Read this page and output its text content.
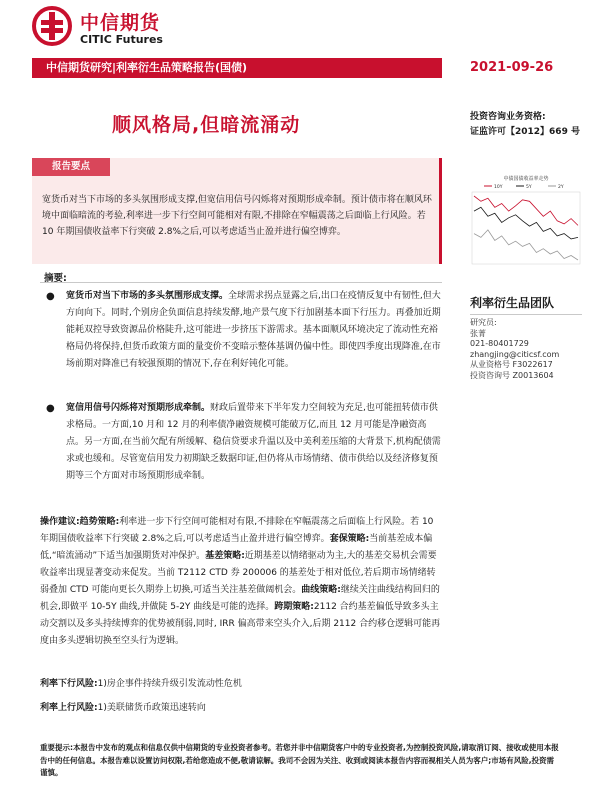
中信期货
CITIC Futures
中信期货研究|利率衍生品策略报告(国债)	2021-09-26
顺风格局,但暗流涌动	投资咨询业务资格:
证监许可【2012】669 号
报告要点
宽货币对当下市场的多头氛围形成支撑,但宽信用信号闪烁将对预期形成牵制。预计债市将在顺风环境中面临暗流的考验,利率进一步下行空间可能相对有限,不排除在窄幅震荡之后面临上行风险。若 10 年期国债收益率下行突破 2.8%之后,可以考虑适当止盈并进行偏空博弈。
摘要:
● 宽货币对当下市场的多头氛围形成支撑。全球需求拐点显露之后,出口在疫情反复中有韧性,但大方向向下。同时,个别房企负面信息持续发酵,地产景气度下行加剧基本面下行压力。再叠加近期能耗双控导致资源品价格陡升,这可能进一步挤压下游需求。基本面顺风环境决定了流动性充裕格局仍将保持,但货币政策方面的量变价不变暗示整体基调仍偏中性。即使四季度出现降准,在市场前期对降准已有较强预期的情况下,存在利好钝化可能。
● 宽信用信号闪烁将对预期形成牵制。财政后置带来下半年发力空间较为充足,也可能扭转债市供求格局。一方面,10 月和 12 月的利率债净融资规模可能破万亿,而且 12 月可能是净融资高点。另一方面,在当前欠配有所缓解、稳信贷要求升温以及中美利差压缩的大背景下,机构配债需求或也缓和。尽管宽信用发力初期缺乏数据印证,但仍将从市场情绪、债市供给以及经济修复预期等三个方面对市场预期形成牵制。
操作建议:趋势策略:利率进一步下行空间可能相对有限,不排除在窄幅震荡之后面临上行风险。若 10 年期国债收益率下行突破 2.8%之后,可以考虑适当止盈并进行偏空博弈。套保策略:当前基差成本偏低,“暗流涌动”下适当加强期货对冲保护。基差策略:近期基差以情绪驱动为主,大的基差交易机会需要收益率出现显著变动来促发。当前 T2112 CTD 券 200006 的基差处于相对低位,若后期市场情绪转弱叠加 CTD 可能向更长久期券上切换,可适当关注基差做阔机会。曲线策略:继续关注曲线结构回归的机会,即做平 10-5Y 曲线,并做陡 5-2Y 曲线是可能的选择。跨期策略:2112 合约基差偏低导致多头主动交割以及多头持续博弈的优势被削弱,同时, IRR 偏高带来空头介入,后期 2112 合约移仓逻辑可能再度由多头逻辑切换至空头行为逻辑。
利率下行风险:1)房企事件持续升级引发流动性危机
利率上行风险:1)美联储货币政策迅速转向
中债国债收益率走势
10Y	5Y	2Y
利率衍生品团队
研究员:
张菁
021-80401729
zhangjing@citicsf.com
从业资格号 F3022617
投资咨询号 Z0013604
重要提示:本报告中发布的观点和信息仅供中信期货的专业投资者参考。若您并非中信期货客户中的专业投资者,为控制投资风险,请取消订阅、接收或使用本报告中的任何信息。本报告难以设置访问权限,若给您造成不便,敬请谅解。我司不会因为关注、收到或阅读本报告内容而视相关人员为客户;市场有风险,投资需谨慎。
